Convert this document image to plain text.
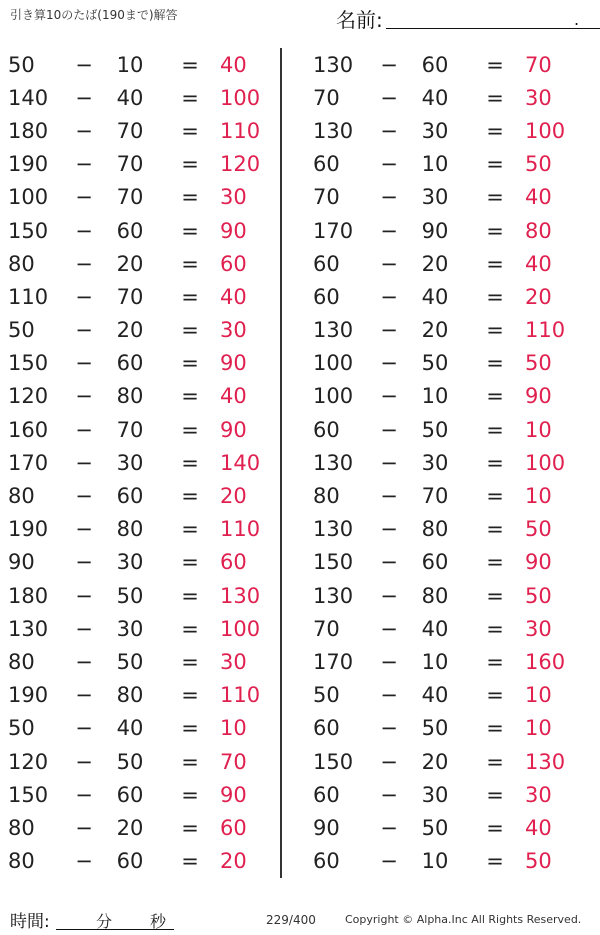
引き算10のたば(190まで)解答	名前:	.
50	−	10	= 40
140	−	40	= 100
180	−	70	= 110
190	−	70	= 120
100	−	70	= 30
150	−	60	= 90
80	−	20	= 60
110	−	70	= 40
50	−	20	= 30
150	−	60	= 90
120	−	80	= 40
160	−	70	= 90
170	−	30	= 140
80	−	60	= 20
190	−	80	= 110
90	−	30	= 60
180	−	50	= 130
130	−	30	= 100
80	−	50	= 30
190	−	80	= 110
50	−	40	= 10
120	−	50	= 70
150	−	60	= 90
80	−	20	= 60
80	−	60	= 20
130	−	60	= 70
70	−	40	= 30
130	−	30	= 100
60	−	10	= 50
70	−	30	= 40
170	−	90	= 80
60	−	20	= 40
60	−	40	= 20
130	−	20	= 110
100	−	50	= 50
100	−	10	= 90
60	−	50	= 10
130	−	30	= 100
80	−	70	= 10
130	−	80	= 50
150	−	60	= 90
130	−	80	= 50
70	−	40	= 30
170	−	10	= 160
50	−	40	= 10
60	−	50	= 10
150	−	20	= 130
60	−	30	= 30
90	−	50	= 40
60	−	10	= 50
時間:	分 秒	229/400	Copyright © Alpha.Inc All Rights Reserved.
